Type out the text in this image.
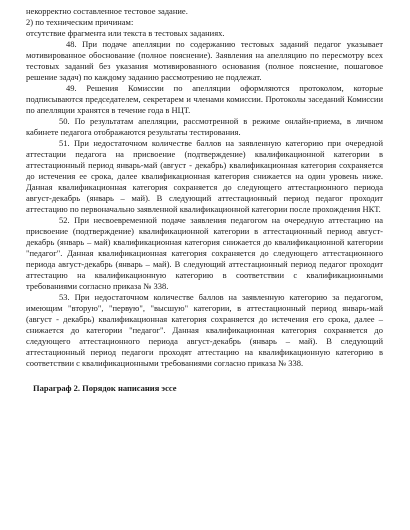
некорректно составленное тестовое задание.

2) по техническим причинам:

отсутствие фрагмента или текста в тестовых заданиях.

48. При подаче апелляции по содержанию тестовых заданий педагог указывает мотивированное обоснование (полное пояснение). Заявления на апелляцию по пересмотру всех тестовых заданий без указания мотивированного основания (полное пояснение, пошаговое решение задач) по каждому заданию рассмотрению не подлежат.

49. Решения Комиссии по апелляции оформляются протоколом, которые подписываются председателем, секретарем и членами комиссии. Протоколы заседаний Комиссии по апелляции хранятся в течение года в НЦТ.

50. По результатам апелляции, рассмотренной в режиме онлайн-приема, в личном кабинете педагога отображаются результаты тестирования.

51. При недостаточном количестве баллов на заявленную категорию при очередной аттестации педагога на присвоение (подтверждение) квалификационной категории в аттестационный период январь-май (август - декабрь) квалификационная категория сохраняется до истечения ее срока, далее квалификационная категория снижается на один уровень ниже. Данная квалификационная категория сохраняется до следующего аттестационного периода август-декабрь (январь – май). В следующий аттестационный период педагог проходит аттестацию по первоначально заявленной квалификационной категории после прохождения НКТ.

52. При несвоевременной подаче заявления педагогом на очередную аттестацию на присвоение (подтверждение) квалификационной категории в аттестационный период август-декабрь (январь – май) квалификационная категория снижается до квалификационной категории "педагог". Данная квалификационная категория сохраняется до следующего аттестационного периода август-декабрь (январь – май). В следующий аттестационный период педагог проходит аттестацию на квалификационную категорию в соответствии с квалификационными требованиями согласно приказа № 338.

53. При недостаточном количестве баллов на заявленную категорию за педагогом, имеющим "вторую", "первую", "высшую" категории, в аттестационный период январь-май (август - декабрь) квалификационная категория сохраняется до истечения его срока, далее – снижается до категории "педагог". Данная квалификационная категория сохраняется до следующего аттестационного периода август-декабрь (январь – май). В следующий аттестационный период педагоги проходят аттестацию на квалификационную категорию в соответствии с квалификационными требованиями согласно приказа № 338.

Параграф 2. Порядок написания эссе
